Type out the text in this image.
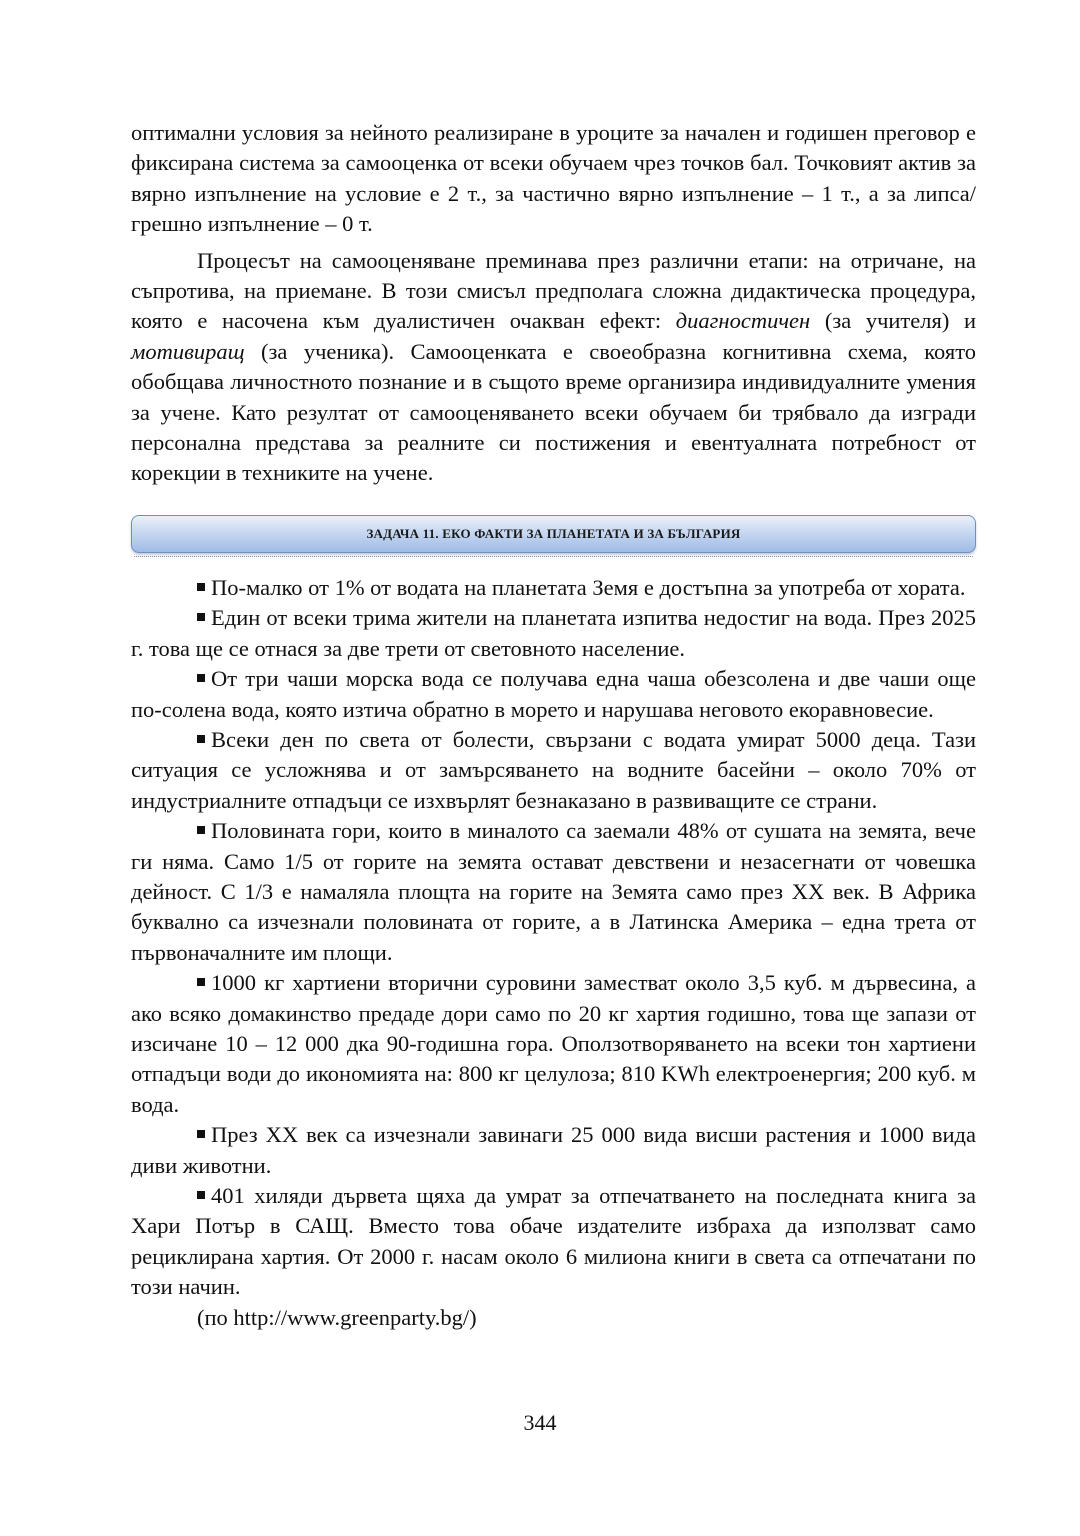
оптимални условия за нейното реализиране в уроците за начален и годишен преговор е фиксирана система за самооценка от всеки обучаем чрез точков бал. Точковият актив за вярно изпълнение на условие е 2 т., за частично вярно изпълнение – 1 т., а за липса/грешно изпълнение – 0 т.

Процесът на самооценяване преминава през различни етапи: на отричане, на съпротива, на приемане. В този смисъл предполага сложна дидактическа процедура, която е насочена към дуалистичен очакван ефект: диагностичен (за учителя) и мотивиращ (за ученика). Самооценката е своеобразна когнитивна схема, която обобщава личностното познание и в същото време организира индивидуалните умения за учене. Като резултат от самооценяването всеки обучаем би трябвало да изгради персонална представа за реалните си постижения и евентуалната потребност от корекции в техниките на учене.

ЗАДАЧА 11. ЕКО ФАКТИ ЗА ПЛАНЕТАТА И ЗА БЪЛГАРИЯ

По-малко от 1% от водата на планетата Земя е достъпна за употреба от хората.

Един от всеки трима жители на планетата изпитва недостиг на вода. През 2025 г. това ще се отнася за две трети от световното население.

От три чаши морска вода се получава една чаша обезсолена и две чаши още по-солена вода, която изтича обратно в морето и нарушава неговото екоравновесие.

Всеки ден по света от болести, свързани с водата умират 5000 деца. Тази ситуация се усложнява и от замърсяването на водните басейни – около 70% от индустриалните отпадъци се изхвърлят безнаказано в развиващите се страни.

Половината гори, които в миналото са заемали 48% от сушата на земята, вече ги няма. Само 1/5 от горите на земята остават девствени и незасегнати от човешка дейност. С 1/3 е намаляла площта на горите на Земята само през XX век. В Африка буквално са изчезнали половината от горите, а в Латинска Америка – една трета от първоначалните им площи.

1000 кг хартиени вторични суровини заместват около 3,5 куб. м дървесина, а ако всяко домакинство предаде дори само по 20 кг хартия годишно, това ще запази от изсичане 10 – 12 000 дка 90-годишна гора. Оползотворяването на всеки тон хартиени отпадъци води до икономията на: 800 кг целулоза; 810 KWh електроенергия; 200 куб. м вода.

През XX век са изчезнали завинаги 25 000 вида висши растения и 1000 вида диви животни.

401 хиляди дървета щяха да умрат за отпечатването на последната книга за Хари Потър в САЩ. Вместо това обаче издателите избраха да използват само рециклирана хартия. От 2000 г. насам около 6 милиона книги в света са отпечатани по този начин.

(по http://www.greenparty.bg/)

344
